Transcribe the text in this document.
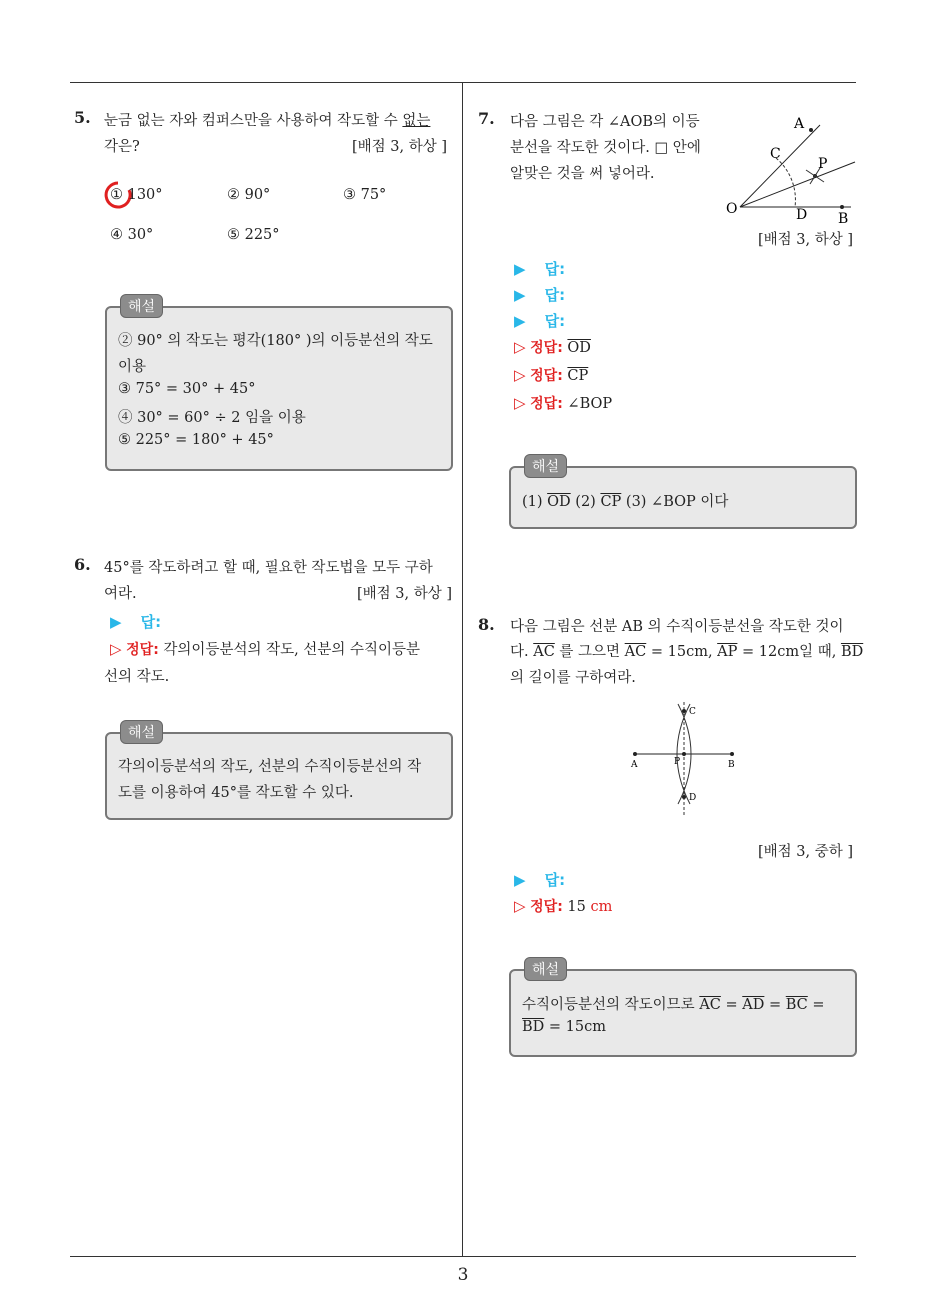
5. 눈금 없는 자와 컴퍼스만을 사용하여 작도할 수 없는
각은?	[배점 3, 하상 ]
① 130°	② 90°	③ 75°
④ 30°	⑤ 225°
해설
② 90° 의 작도는 평각(180° )의 이등분선의 작도
이용
③ 75° = 30° + 45°
④ 30° = 60° ÷ 2 임을 이용
⑤ 225° = 180° + 45°
6. 45°를 작도하려고 할 때, 필요한 작도법을 모두 구하
여라.	[배점 3, 하상 ]
▶ 답:
▷ 정답: 각의이등분석의 작도, 선분의 수직이등분
선의 작도.
해설
각의이등분석의 작도, 선분의 수직이등분선의 작
도를 이용하여 45°를 작도할 수 있다.
7. 다음 그림은 각 ∠AOB의 이등
분선을 작도한 것이다. □ 안에
알맞은 것을 써 넣어라.
A
B
C
D
O
P
[배점 3, 하상 ]
▶ 답:
▶ 답:
▶ 답:
▷ 정답: $\overline{OD}$
▷ 정답: $\overline{CP}$
▷ 정답: ∠BOP
해설
(1) $\overline{OD}$ (2) $\overline{CP}$ (3) ∠BOP 이다
8. 다음 그림은 선분 AB 의 수직이등분선을 작도한 것이
다. $\overline{AC}$ 를 그으면 $\overline{AC} = 15cm$, $\overline{AP} = 12cm$일 때, $\overline{BD}$
의 길이를 구하여라.
A	B
C
D
P
[배점 3, 중하 ]
▶ 답:
▷ 정답: 15 cm
해설
수직이등분선의 작도이므로 $\overline{AC} = \overline{AD} = \overline{BC}$ =
$\overline{BD} = 15cm$
3
